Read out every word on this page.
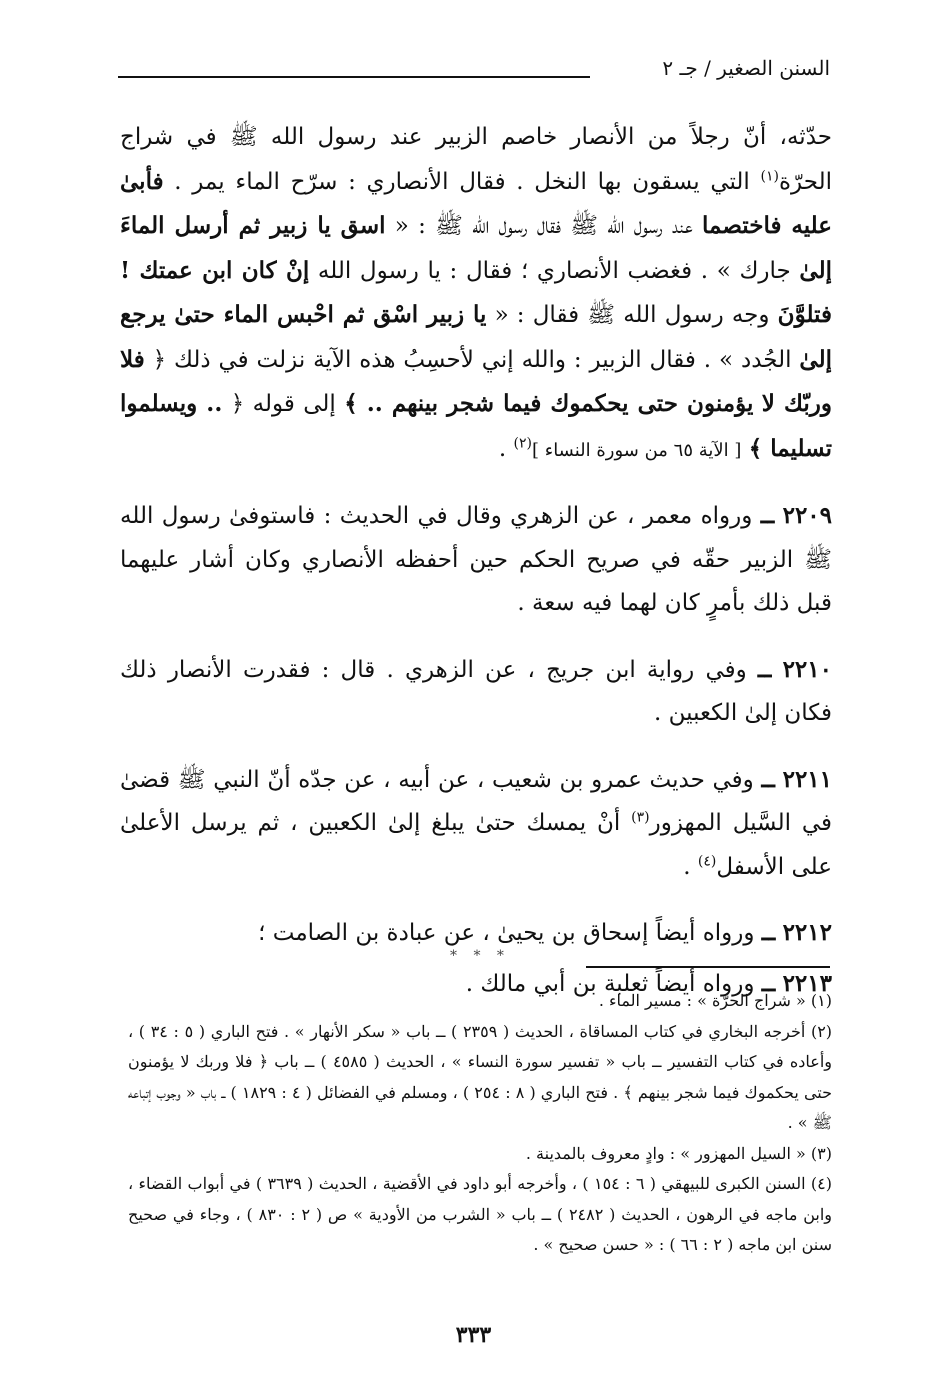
السنن الصغير / جـ ٢

حدّثه، أنّ رجلاً من الأنصار خاصم الزبير عند رسول الله ﷺ في شراج الحرّة$^{(١)}$ التي يسقون بها النخل . فقال الأنصاري : سرّح الماء يمر . فأبىٰ عليه فاختصما عند رسول الله ﷺ فقال رسول الله ﷺ : « اسق يا زبير ثم أرسل الماءَ إلىٰ جارك » . فغضب الأنصاري ؛ فقال : يا رسول الله إنْ كان ابن عمتك ! فتلوَّنَ وجه رسول الله ﷺ فقال : « يا زبير اسْق ثم احْبس الماء حتىٰ يرجع إلىٰ الجُدد » . فقال الزبير : والله إني لأحسِبُ هذه الآية نزلت في ذلك ﴿ فلا وربّك لا يؤمنون حتى يحكموك فيما شجر بينهم .. ﴾ إلى قوله ﴿ .. ويسلموا تسليما ﴾ [ الآية ٦٥ من سورة النساء ]$^{(٢)}$ .

٢٢٠٩ ــ ورواه معمر ، عن الزهري وقال في الحديث : فاستوفىٰ رسول الله ﷺ الزبير حقّه في صريح الحكم حين أحفظه الأنصاري وكان أشار عليهما قبل ذلك بأمرٍ كان لهما فيه سعة .

٢٢١٠ ــ وفي رواية ابن جريج ، عن الزهري . قال : فقدرت الأنصار ذلك فكان إلىٰ الكعبين .

٢٢١١ ــ وفي حديث عمرو بن شعيب ، عن أبيه ، عن جدّه أنّ النبي ﷺ قضىٰ في السَّيل المهزور$^{(٣)}$ أنْ يمسك حتىٰ يبلغ إلىٰ الكعبين ، ثم يرسل الأعلىٰ على الأسفل$^{(٤)}$ .

٢٢١٢ ــ ورواه أيضاً إسحاق بن يحيىٰ ، عن عبادة بن الصامت ؛

٢٢١٣ ــ ورواه أيضاً ثعلبة بن أبي مالك .

* * *

(١) « شراج الحرّة » : مسير الماء .

(٢) أخرجه البخاري في كتاب المساقاة ، الحديث ( ٢٣٥٩ ) ــ باب « سكر الأنهار » . فتح الباري ( ٥ : ٣٤ ) ، وأعاده في كتاب التفسير ــ باب « تفسير سورة النساء » ، الحديث ( ٤٥٨٥ ) ــ باب ﴿ فلا وربك لا يؤمنون حتى يحكموك فيما شجر بينهم ﴾ . فتح الباري ( ٨ : ٢٥٤ ) ، ومسلم في الفضائل ( ٤ : ١٨٢٩ ) ــ باب « وجوب إتباعه ﷺ » .

(٣) « السيل المهزور » : وادٍ معروف بالمدينة .

(٤) السنن الكبرى للبيهقي ( ٦ : ١٥٤ ) ، وأخرجه أبو داود في الأقضية ، الحديث ( ٣٦٣٩ ) في أبواب القضاء ، وابن ماجه في الرهون ، الحديث ( ٢٤٨٢ ) ــ باب « الشرب من الأودية » ص ( ٢ : ٨٣٠ ) ، وجاء في صحيح سنن ابن ماجه ( ٢ : ٦٦ ) : « حسن صحيح » .

٣٣٣
